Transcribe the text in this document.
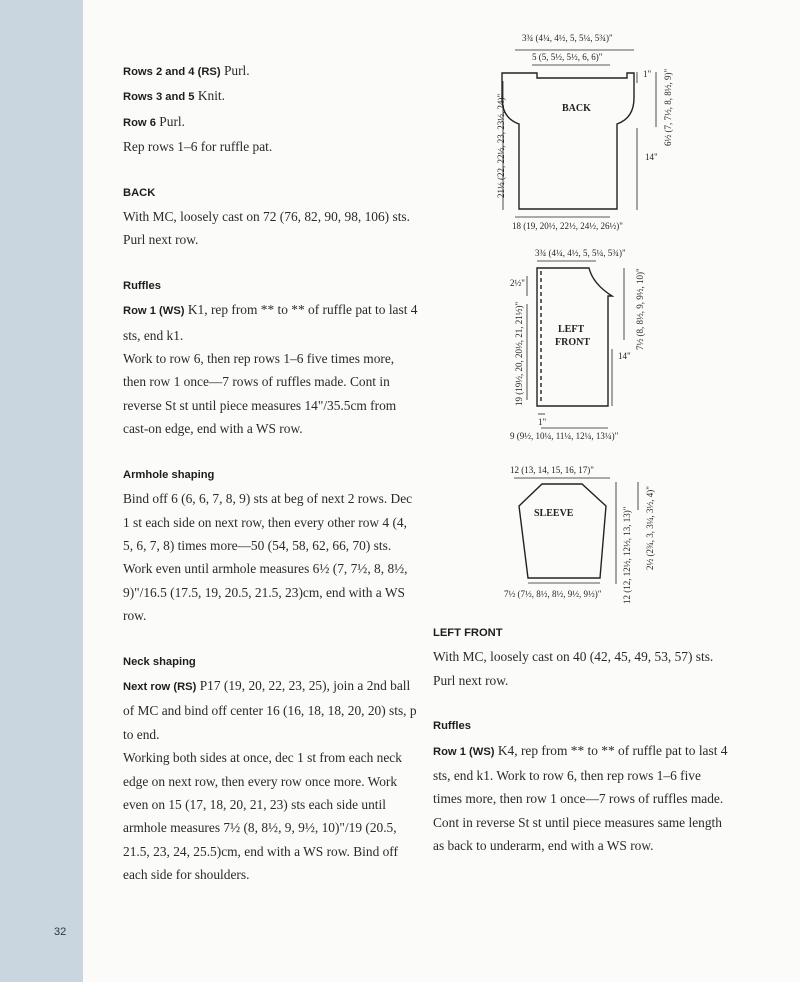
32

Rows 2 and 4 (RS) Purl.

Rows 3 and 5 Knit.

Row 6 Purl.

Rep rows 1–6 for ruffle pat.

BACK

With MC, loosely cast on 72 (76, 82, 90, 98, 106) sts. Purl next row.

Ruffles

Row 1 (WS) K1, rep from ** to ** of ruffle pat to last 4 sts, end k1.

Work to row 6, then rep rows 1–6 five times more, then row 1 once—7 rows of ruffles made. Cont in reverse St st until piece measures 14"/35.5cm from cast-on edge, end with a WS row.

Armhole shaping

Bind off 6 (6, 6, 7, 8, 9) sts at beg of next 2 rows. Dec 1 st each side on next row, then every other row 4 (4, 5, 6, 7, 8) times more—50 (54, 58, 62, 66, 70) sts. Work even until armhole measures 6½ (7, 7½, 8, 8½, 9)"/16.5 (17.5, 19, 20.5, 21.5, 23)cm, end with a WS row.

Neck shaping

Next row (RS) P17 (19, 20, 22, 23, 25), join a 2nd ball of MC and bind off center 16 (16, 18, 18, 20, 20) sts, p to end.

Working both sides at once, dec 1 st from each neck edge on next row, then every row once more. Work even on 15 (17, 18, 20, 21, 23) sts each side until armhole measures 7½ (8, 8½, 9, 9½, 10)"/19 (20.5, 21.5, 23, 24, 25.5)cm, end with a WS row. Bind off each side for shoulders.

LEFT FRONT

With MC, loosely cast on 40 (42, 45, 49, 53, 57) sts. Purl next row.

Ruffles

Row 1 (WS) K4, rep from ** to ** of ruffle pat to last 4 sts, end k1. Work to row 6, then rep rows 1–6 five times more, then row 1 once—7 rows of ruffles made. Cont in reverse St st until piece measures same length as back to underarm, end with a WS row.

3¾ (4¼, 4½, 5, 5¼, 5¾)"
5 (5, 5½, 5½, 6, 6)"
BACK
1"
14"
6½ (7, 7½, 8, 8½, 9)"
21½ (22, 22½, 23, 23½, 24)"
18 (19, 20½, 22½, 24½, 26½)"
3¾ (4¼, 4½, 5, 5¼, 5¾)"
2½"
LEFT
FRONT
14"
7½ (8, 8½, 9, 9½, 10)"
19 (19½, 20, 20½, 21, 21½)"
1"
9 (9½, 10¼, 11¼, 12¼, 13¼)"
12 (13, 14, 15, 16, 17)"
SLEEVE
7½ (7½, 8½, 8½, 9½, 9½)" 12 (12, 12½, 12½, 13, 13)" 2½ (2¾, 3, 3¼, 3½, 4)"
